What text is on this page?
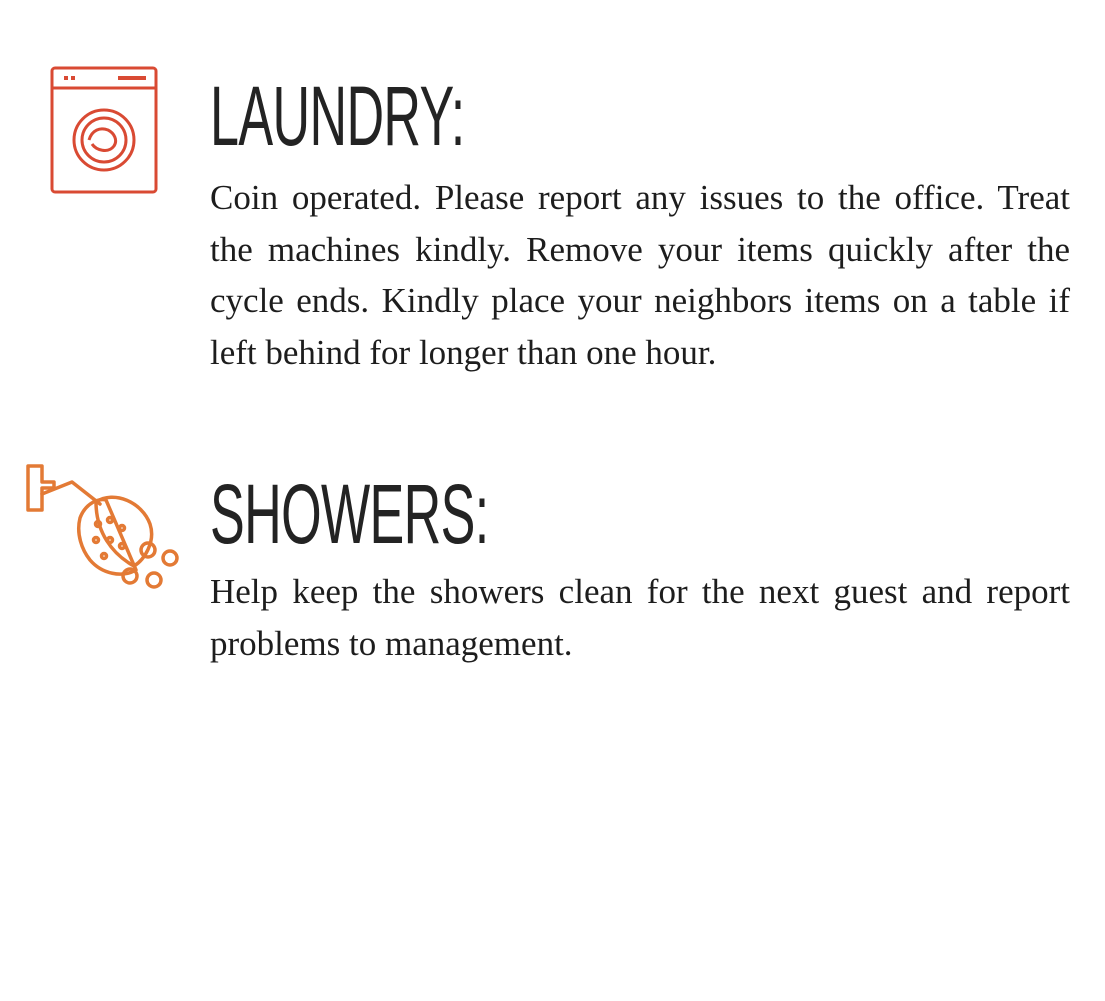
LAUNDRY:

Coin operated. Please report any issues to the office. Treat the machines kindly. Remove your items quickly after the cycle ends. Kindly place your neighbors items on a table if left behind for longer than one hour.

SHOWERS:

Help keep the showers clean for the next guest and report problems to management.
